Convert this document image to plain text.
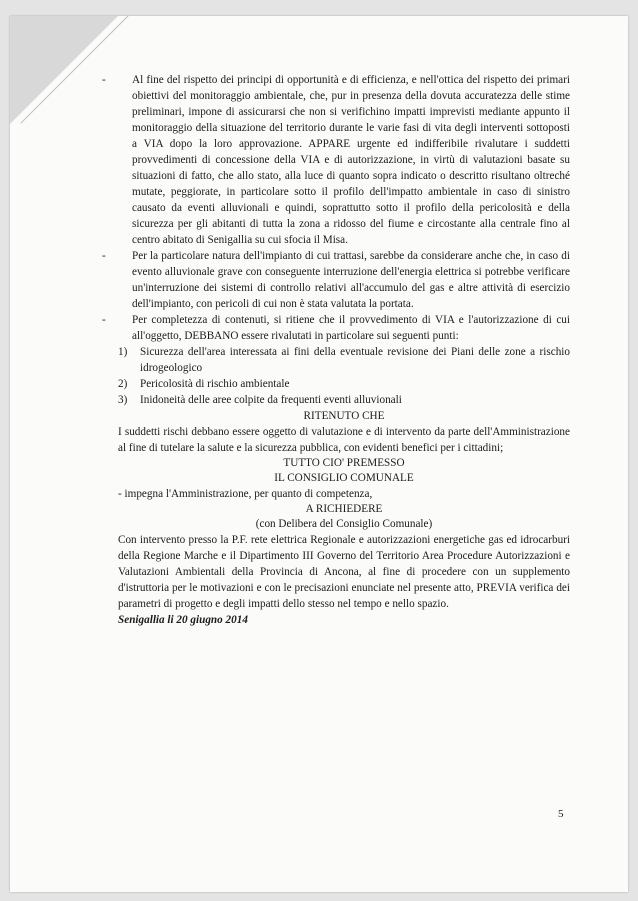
- Al fine del rispetto dei principi di opportunità e di efficienza, e nell'ottica del rispetto dei primari obiettivi del monitoraggio ambientale, che, pur in presenza della dovuta accuratezza delle stime preliminari, impone di assicurarsi che non si verifichino impatti imprevisti mediante appunto il monitoraggio della situazione del territorio durante le varie fasi di vita degli interventi sottoposti a VIA dopo la loro approvazione. APPARE urgente ed indifferibile rivalutare i suddetti provvedimenti di concessione della VIA e di autorizzazione, in virtù di valutazioni basate su situazioni di fatto, che allo stato, alla luce di quanto sopra indicato o descritto risultano oltreché mutate, peggiorate, in particolare sotto il profilo dell'impatto ambientale in caso di sinistro causato da eventi alluvionali e quindi, soprattutto sotto il profilo della pericolosità e della sicurezza per gli abitanti di tutta la zona a ridosso del fiume e circostante alla centrale fino al centro abitato di Senigallia su cui sfocia il Misa.

- Per la particolare natura dell'impianto di cui trattasi, sarebbe da considerare anche che, in caso di evento alluvionale grave con conseguente interruzione dell'energia elettrica si potrebbe verificare un'interruzione dei sistemi di controllo relativi all'accumulo del gas e altre attività di esercizio dell'impianto, con pericoli di cui non è stata valutata la portata.

- Per completezza di contenuti, si ritiene che il provvedimento di VIA e l'autorizzazione di cui all'oggetto, DEBBANO essere rivalutati in particolare sui seguenti punti:

1) Sicurezza dell'area interessata ai fini della eventuale revisione dei Piani delle zone a rischio idrogeologico

2) Pericolosità di rischio ambientale

3) Inidoneità delle aree colpite da frequenti eventi alluvionali

RITENUTO CHE

I suddetti rischi debbano essere oggetto di valutazione e di intervento da parte dell'Amministrazione al fine di tutelare la salute e la sicurezza pubblica, con evidenti benefici per i cittadini;

TUTTO CIO' PREMESSO

IL CONSIGLIO COMUNALE

- impegna l'Amministrazione, per quanto di competenza,

A RICHIEDERE

(con Delibera del Consiglio Comunale)

Con intervento presso la P.F. rete elettrica Regionale e autorizzazioni energetiche gas ed idrocarburi della Regione Marche e il Dipartimento III Governo del Territorio Area Procedure Autorizzazioni e Valutazioni Ambientali della Provincia di Ancona, al fine di procedere con un supplemento d'istruttoria per le motivazioni e con le precisazioni enunciate nel presente atto, PREVIA verifica dei parametri di progetto e degli impatti dello stesso nel tempo e nello spazio.

Senigallia li 20 giugno 2014

5
